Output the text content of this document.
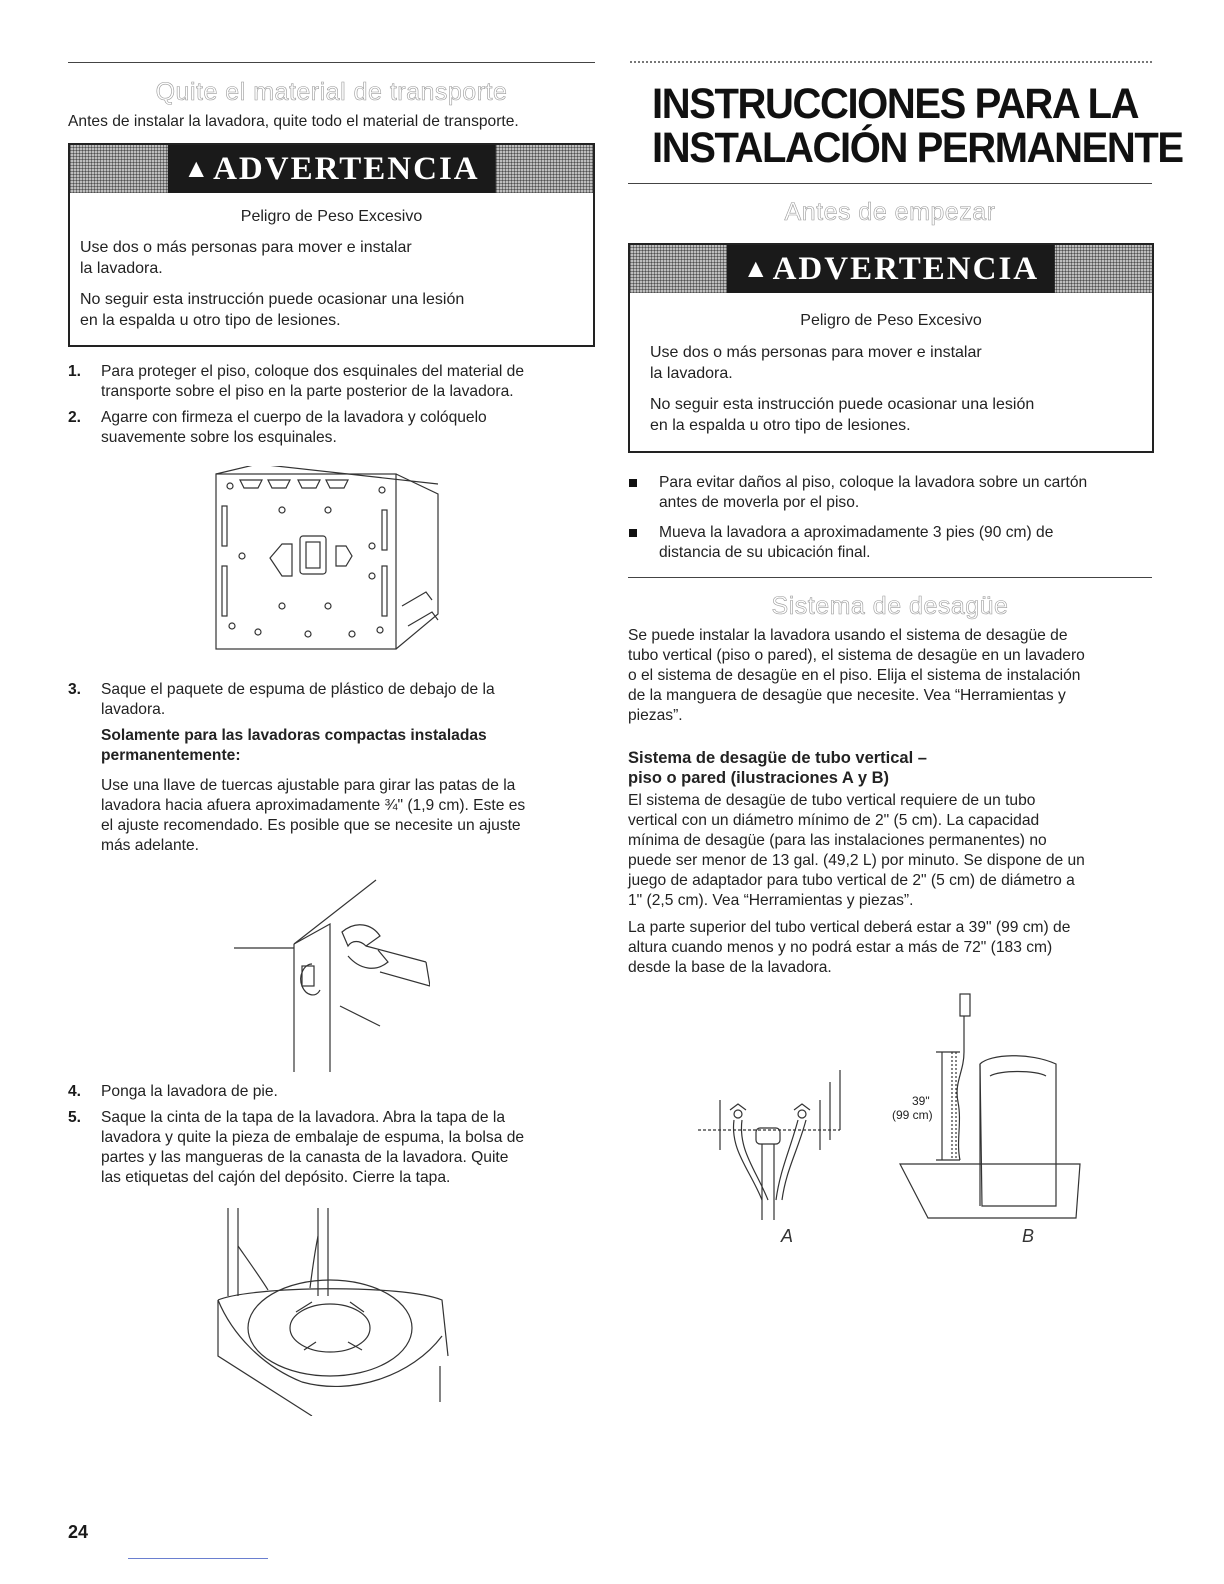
Quite el material de transporte
Antes de instalar la lavadora, quite todo el material de transporte.
▲ ADVERTENCIA
Peligro de Peso Excesivo
Use dos o más personas para mover e instalar
la lavadora.
No seguir esta instrucción puede ocasionar una lesión
en la espalda u otro tipo de lesiones.
1. Para proteger el piso, coloque dos esquinales del material de
transporte sobre el piso en la parte posterior de la lavadora.
2. Agarre con firmeza el cuerpo de la lavadora y colóquelo
suavemente sobre los esquinales.
3. Saque el paquete de espuma de plástico de debajo de la
lavadora.
Solamente para las lavadoras compactas instaladas
permanentemente:
Use una llave de tuercas ajustable para girar las patas de la
lavadora hacia afuera aproximadamente ¾" (1,9 cm). Este es
el ajuste recomendado. Es posible que se necesite un ajuste
más adelante.
4. Ponga la lavadora de pie.
5. Saque la cinta de la tapa de la lavadora. Abra la tapa de la
lavadora y quite la pieza de embalaje de espuma, la bolsa de
partes y las mangueras de la canasta de la lavadora. Quite
las etiquetas del cajón del depósito. Cierre la tapa.
24
INSTRUCCIONES PARA LA
INSTALACIÓN PERMANENTE
Antes de empezar
▲ ADVERTENCIA
Peligro de Peso Excesivo
Use dos o más personas para mover e instalar
la lavadora.
No seguir esta instrucción puede ocasionar una lesión
en la espalda u otro tipo de lesiones.
Para evitar daños al piso, coloque la lavadora sobre un cartón
antes de moverla por el piso.
Mueva la lavadora a aproximadamente 3 pies (90 cm) de
distancia de su ubicación final.
Sistema de desagüe
Se puede instalar la lavadora usando el sistema de desagüe de
tubo vertical (piso o pared), el sistema de desagüe en un lavadero
o el sistema de desagüe en el piso. Elija el sistema de instalación
de la manguera de desagüe que necesite. Vea “Herramientas y
piezas”.
Sistema de desagüe de tubo vertical –
piso o pared (ilustraciones A y B)
El sistema de desagüe de tubo vertical requiere de un tubo
vertical con un diámetro mínimo de 2" (5 cm). La capacidad
mínima de desagüe (para las instalaciones permanentes) no
puede ser menor de 13 gal. (49,2 L) por minuto. Se dispone de un
juego de adaptador para tubo vertical de 2" (5 cm) de diámetro a
1" (2,5 cm). Vea “Herramientas y piezas”.
La parte superior del tubo vertical deberá estar a 39" (99 cm) de
altura cuando menos y no podrá estar a más de 72" (183 cm)
desde la base de la lavadora.
A
39"
(99 cm)
B
